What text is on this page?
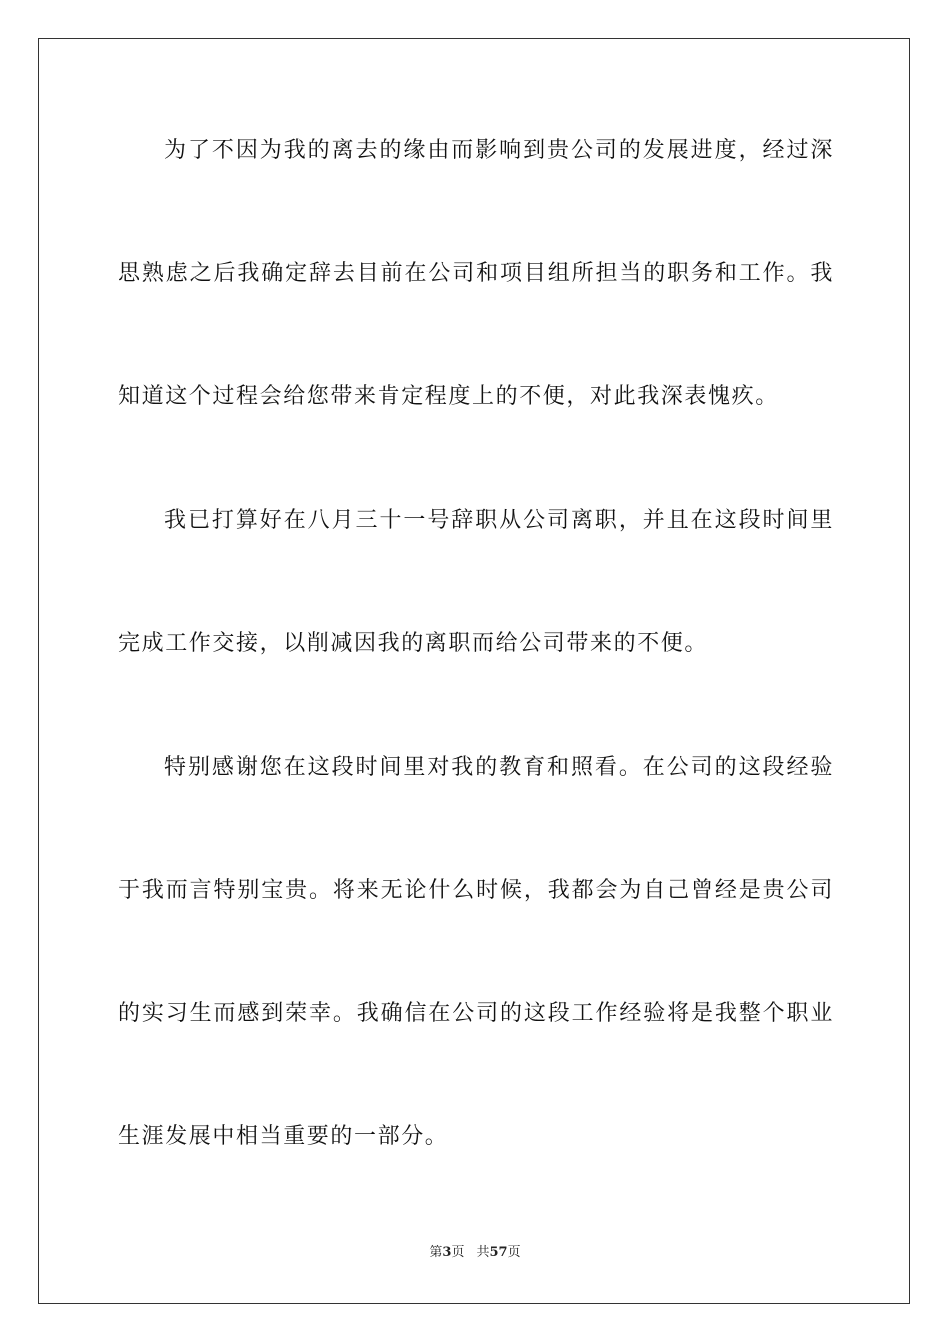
为了不因为我的离去的缘由而影响到贵公司的发展进度，经过深
思熟虑之后我确定辞去目前在公司和项目组所担当的职务和工作。我
知道这个过程会给您带来肯定程度上的不便，对此我深表愧疚。
我已打算好在八月三十一号辞职从公司离职，并且在这段时间里
完成工作交接，以削减因我的离职而给公司带来的不便。
特别感谢您在这段时间里对我的教育和照看。在公司的这段经验
于我而言特别宝贵。将来无论什么时候，我都会为自己曾经是贵公司
的实习生而感到荣幸。我确信在公司的这段工作经验将是我整个职业
生涯发展中相当重要的一部分。
第3页 共57页
